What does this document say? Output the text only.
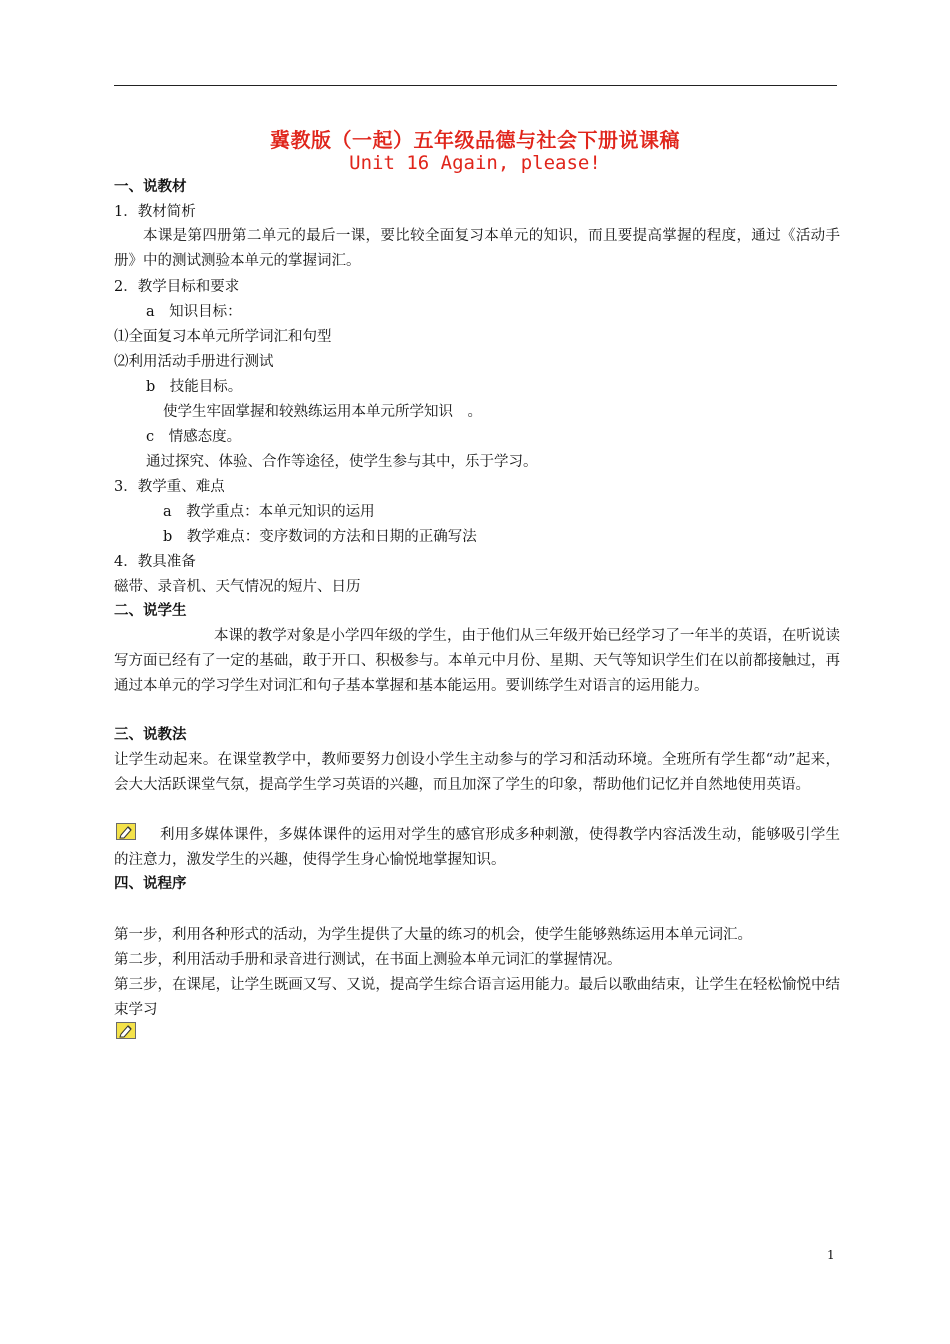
冀教版（一起）五年级品德与社会下册说课稿
Unit 16 Again, please!
一、说教材
1．教材简析
本课是第四册第二单元的最后一课，要比较全面复习本单元的知识，而且要提高掌握的程度，通过《活动手册》中的测试测验本单元的掌握词汇。
2．教学目标和要求
a　知识目标：
⑴全面复习本单元所学词汇和句型
⑵利用活动手册进行测试
b　技能目标。
使学生牢固掌握和较熟练运用本单元所学知识　。
c　情感态度。
通过探究、体验、合作等途径，使学生参与其中，乐于学习。
3．教学重、难点
a　教学重点：本单元知识的运用
b　教学难点：变序数词的方法和日期的正确写法
4．教具准备
磁带、录音机、天气情况的短片、日历
二、说学生
本课的教学对象是小学四年级的学生，由于他们从三年级开始已经学习了一年半的英语，在听说读写方面已经有了一定的基础，敢于开口、积极参与。本单元中月份、星期、天气等知识学生们在以前都接触过，再通过本单元的学习学生对词汇和句子基本掌握和基本能运用。要训练学生对语言的运用能力。
三、说教法
让学生动起来。在课堂教学中，教师要努力创设小学生主动参与的学习和活动环境。全班所有学生都“动”起来， 会大大活跃课堂气氛，提高学生学习英语的兴趣，而且加深了学生的印象，帮助他们记忆并自然地使用英语。
利用多媒体课件，多媒体课件的运用对学生的感官形成多种刺激，使得教学内容活泼生动，能够吸引学生的注意力，激发学生的兴趣，使得学生身心愉悦地掌握知识。
四、说程序
第一步，利用各种形式的活动，为学生提供了大量的练习的机会，使学生能够熟练运用本单元词汇。
第二步，利用活动手册和录音进行测试，在书面上测验本单元词汇的掌握情况。
第三步，在课尾，让学生既画又写、又说，提高学生综合语言运用能力。最后以歌曲结束，让学生在轻松愉悦中结束学习
1
